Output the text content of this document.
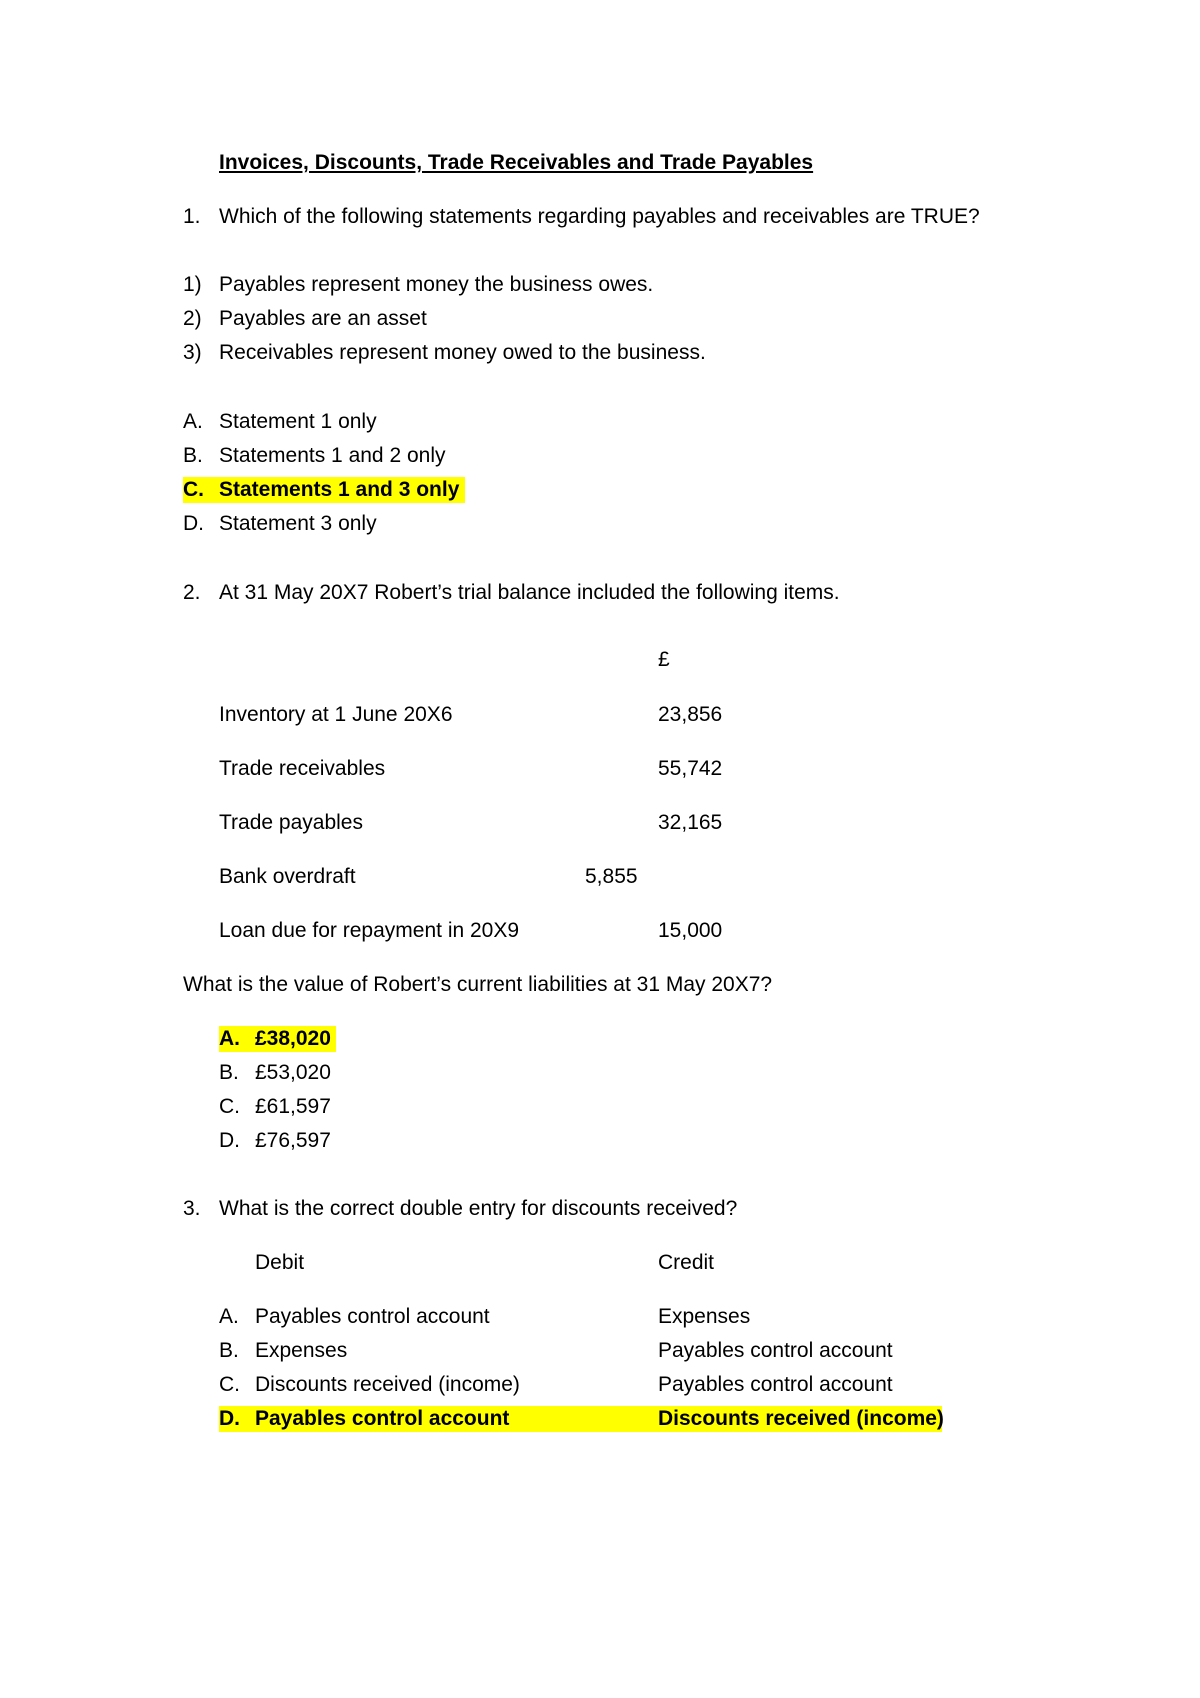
Invoices, Discounts, Trade Receivables and Trade Payables
1. Which of the following statements regarding payables and receivables are TRUE?
1) Payables represent money the business owes.
2) Payables are an asset
3) Receivables represent money owed to the business.
A. Statement 1 only
B. Statements 1 and 2 only
C. Statements 1 and 3 only
D. Statement 3 only
2. At 31 May 20X7 Robert’s trial balance included the following items.
£
Inventory at 1 June 20X6	23,856
Trade receivables	55,742
Trade payables	32,165
Bank overdraft	5,855
Loan due for repayment in 20X9	15,000
What is the value of Robert’s current liabilities at 31 May 20X7?
A. £38,020
B. £53,020
C. £61,597
D. £76,597
3. What is the correct double entry for discounts received?
Debit	Credit
A. Payables control account	Expenses
B. Expenses	Payables control account
C. Discounts received (income)	Payables control account
D. Payables control account	Discounts received (income)
